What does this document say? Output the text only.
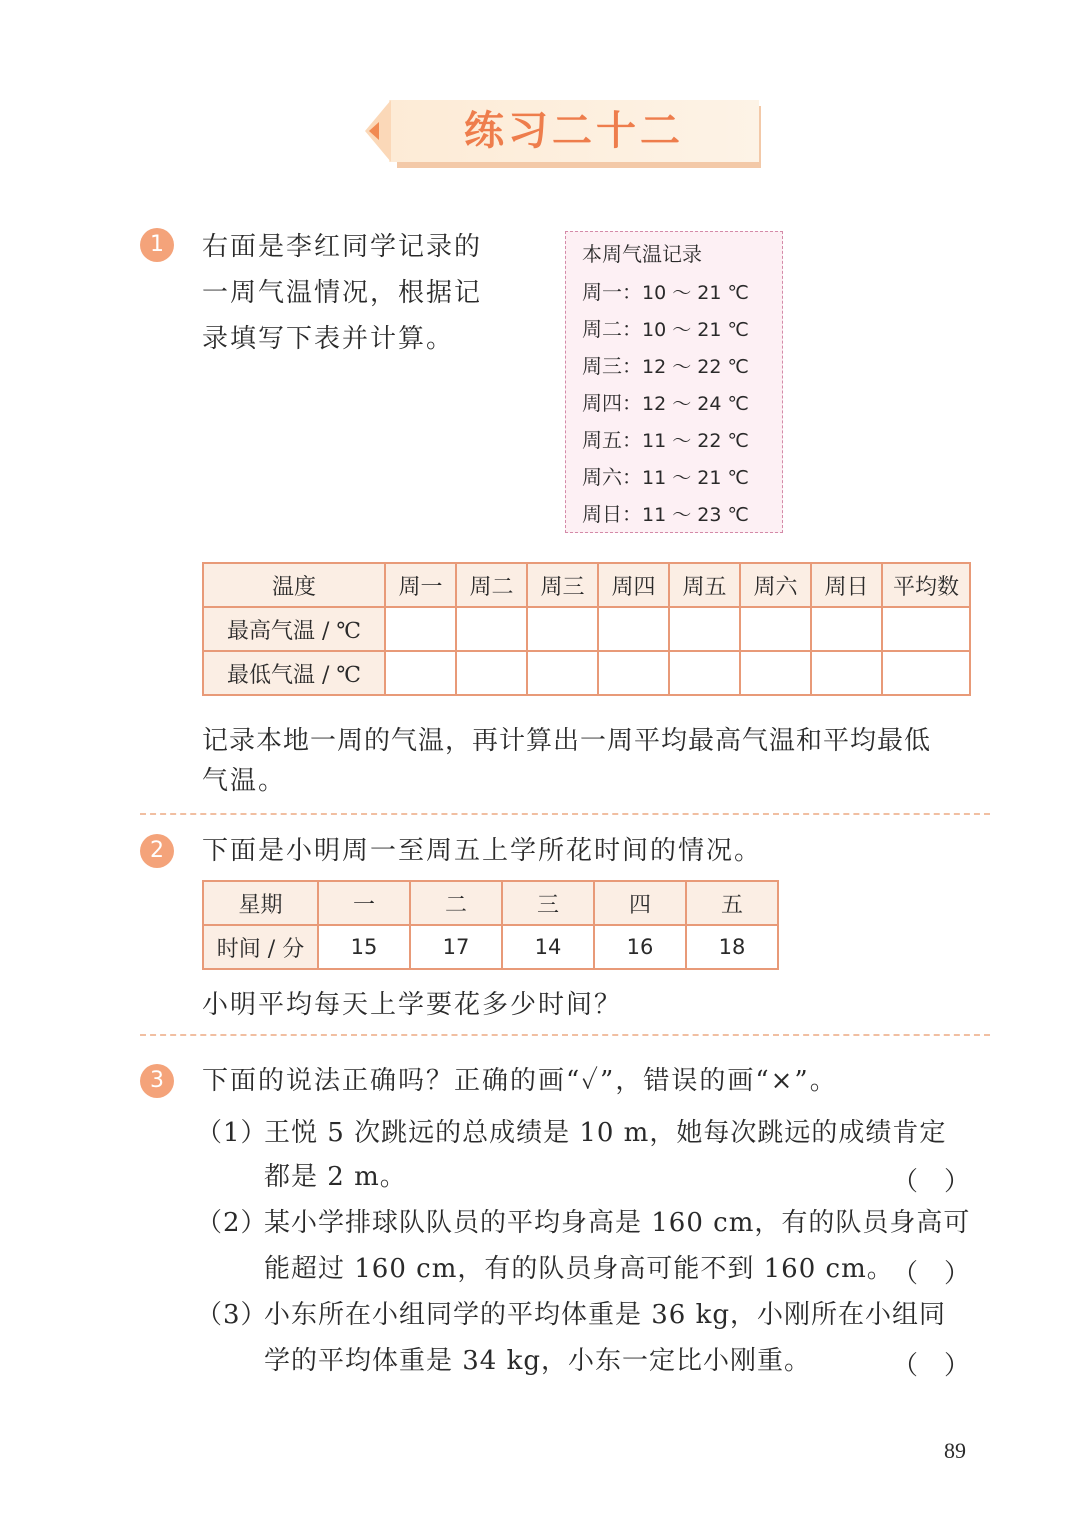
练习二十二
1	右面是李红同学记录的
一周气温情况，根据记
录填写下表并计算。
本周气温记录
周一：10 ～ 21 ℃
周二：10 ～ 21 ℃
周三：12 ～ 22 ℃
周四：12 ～ 24 ℃
周五：11 ～ 22 ℃
周六：11 ～ 21 ℃
周日：11 ～ 23 ℃
温度	周一	周二	周三	周四	周五	周六	周日	平均数
最高气温 / ℃								
最低气温 / ℃								
记录本地一周的气温，再计算出一周平均最高气温和平均最低
气温。
2	下面是小明周一至周五上学所花时间的情况。
星期	一	二	三	四	五
时间 / 分	15	17	14	16	18
小明平均每天上学要花多少时间？
3	下面的说法正确吗？正确的画“✓”，错误的画“×”。
（1）
王悦 5 次跳远的总成绩是 10 m，她每次跳远的成绩肯定
都是 2 m。	（　）
（2）
某小学排球队队员的平均身高是 160 cm，有的队员身高可
能超过 160 cm，有的队员身高可能不到 160 cm。
（　）
（3）
小东所在小组同学的平均体重是 36 kg，小刚所在小组同
学的平均体重是 34 kg，小东一定比小刚重。	（　）
89
